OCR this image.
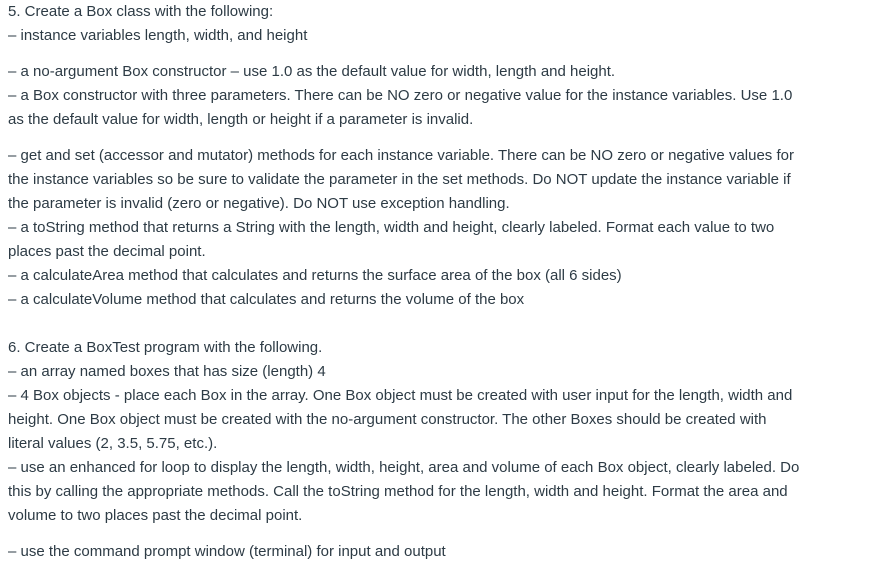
5. Create a Box class with the following:
– instance variables length, width, and height
– a no-argument Box constructor – use 1.0 as the default value for width, length and height.
– a Box constructor with three parameters. There can be NO zero or negative value for the instance variables. Use 1.0
as the default value for width, length or height if a parameter is invalid.
– get and set (accessor and mutator) methods for each instance variable. There can be NO zero or negative values for
the instance variables so be sure to validate the parameter in the set methods. Do NOT update the instance variable if
the parameter is invalid (zero or negative). Do NOT use exception handling.
– a toString method that returns a String with the length, width and height, clearly labeled. Format each value to two
places past the decimal point.
– a calculateArea method that calculates and returns the surface area of the box (all 6 sides)
– a calculateVolume method that calculates and returns the volume of the box
6. Create a BoxTest program with the following.
– an array named boxes that has size (length) 4
– 4 Box objects - place each Box in the array. One Box object must be created with user input for the length, width and
height. One Box object must be created with the no-argument constructor. The other Boxes should be created with
literal values (2, 3.5, 5.75, etc.).
– use an enhanced for loop to display the length, width, height, area and volume of each Box object, clearly labeled. Do
this by calling the appropriate methods. Call the toString method for the length, width and height. Format the area and
volume to two places past the decimal point.
– use the command prompt window (terminal) for input and output
